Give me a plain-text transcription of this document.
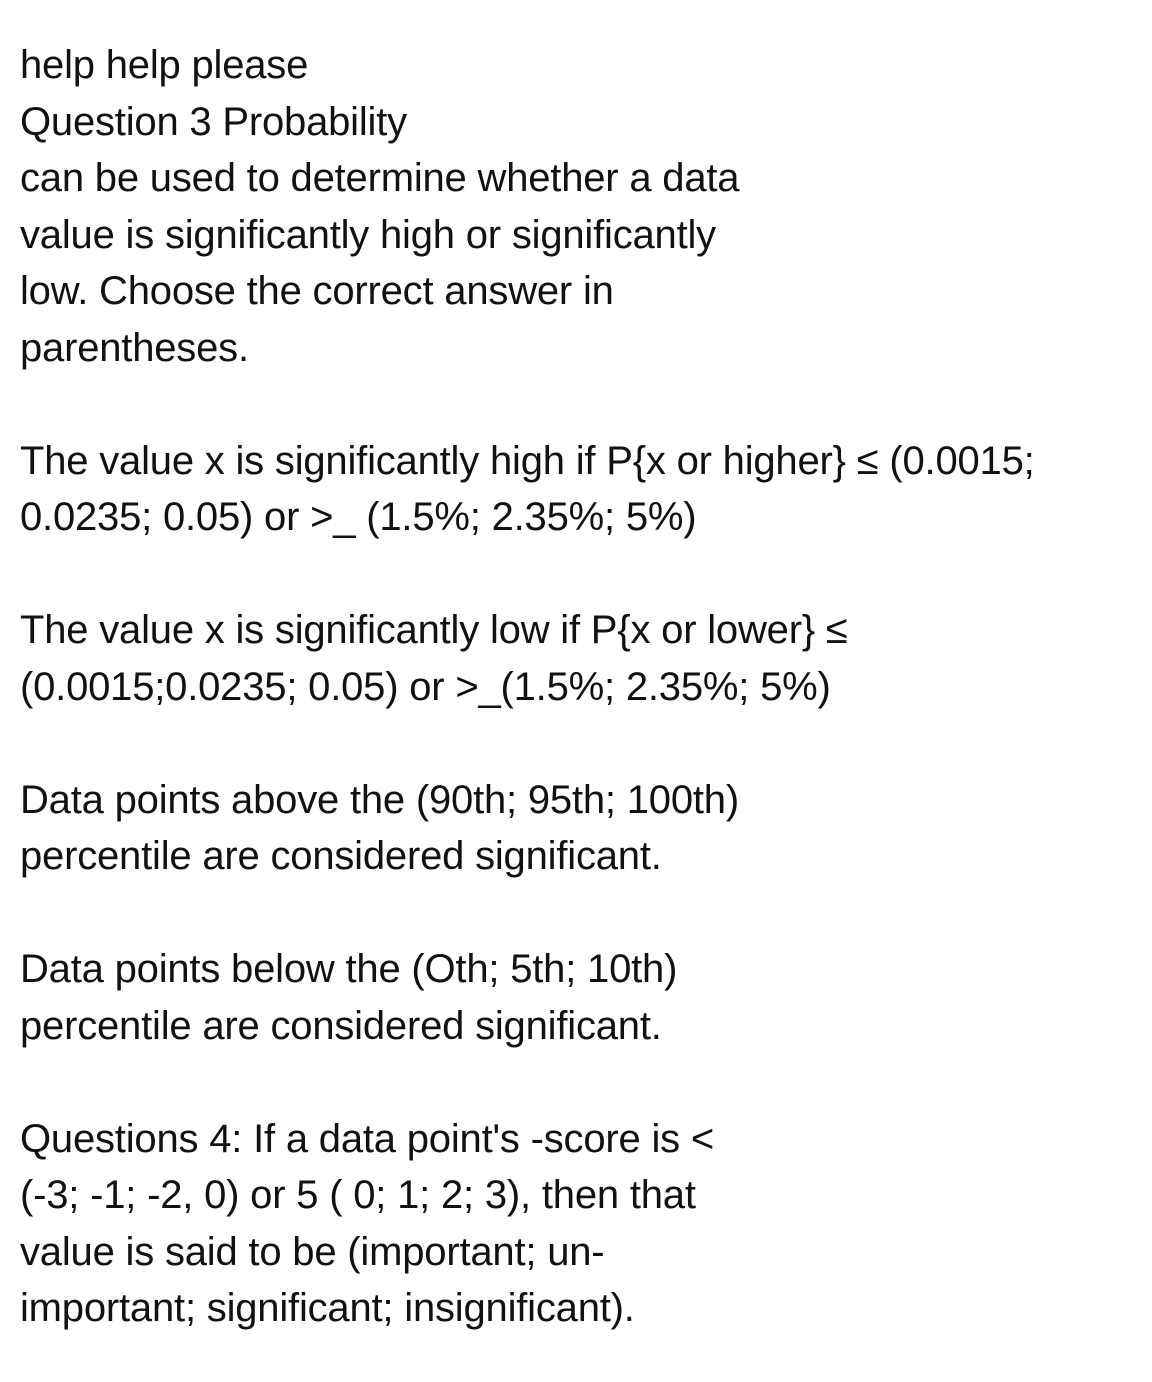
help help please
Question 3 Probability
can be used to determine whether a data
value is significantly high or significantly
low. Choose the correct answer in
parentheses.
The value x is significantly high if P{x or higher} ≤ (0.0015;
0.0235; 0.05) or >_ (1.5%; 2.35%; 5%)
The value x is significantly low if P{x or lower} ≤
(0.0015;0.0235; 0.05) or >_(1.5%; 2.35%; 5%)
Data points above the (90th; 95th; 100th)
percentile are considered significant.
Data points below the (Oth; 5th; 10th)
percentile are considered significant.
Questions 4: If a data point's -score is <
(-3; -1; -2, 0) or 5 ( 0; 1; 2; 3), then that
value is said to be (important; un-
important; significant; insignificant).
